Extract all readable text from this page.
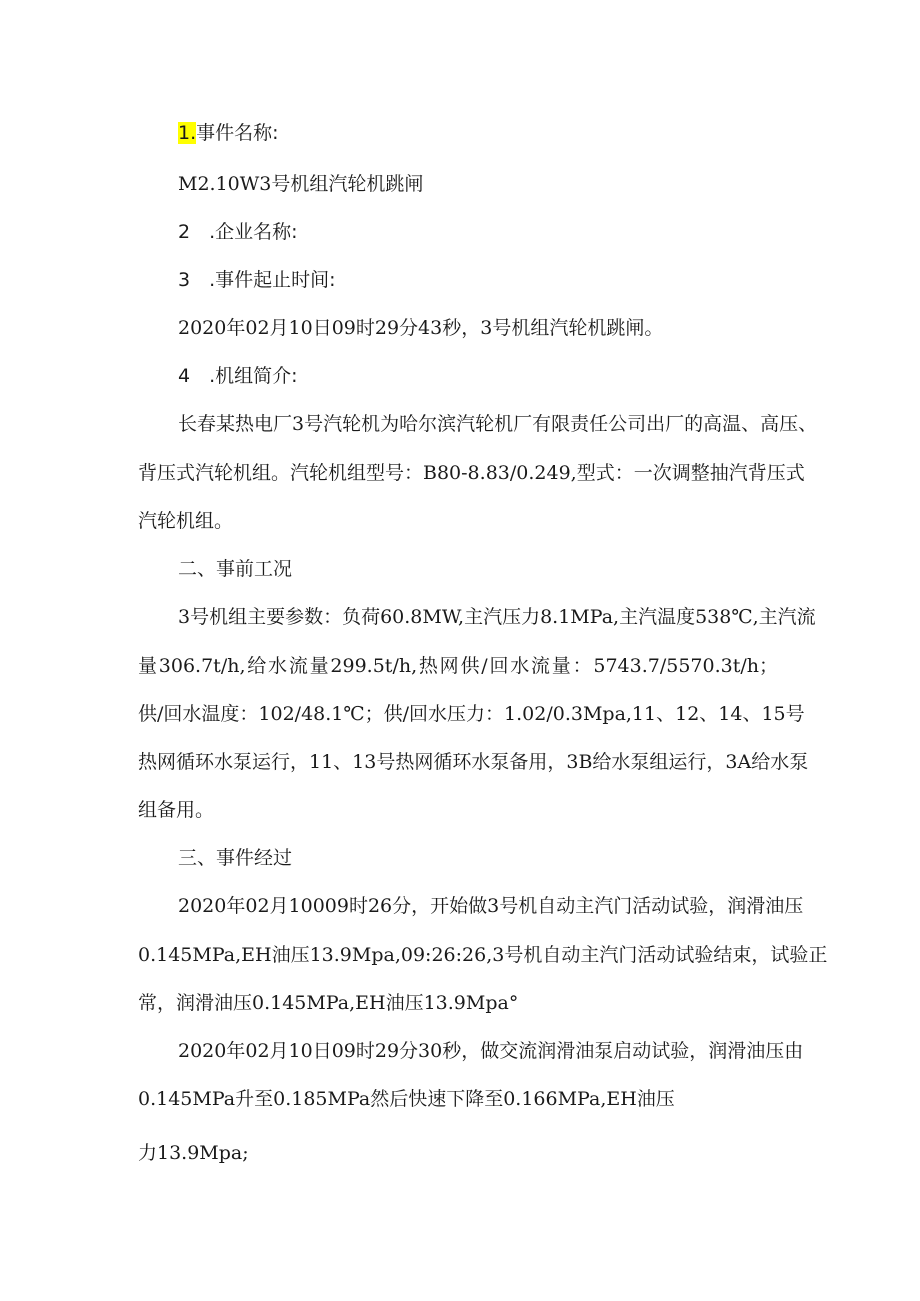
1.事件名称:
M2.10W3号机组汽轮机跳闸
2　.企业名称:
3　.事件起止时间:
2020年02月10日09时29分43秒，3号机组汽轮机跳闸。
4　.机组简介:
长春某热电厂3号汽轮机为哈尔滨汽轮机厂有限责任公司出厂的高温、高压、
背压式汽轮机组。汽轮机组型号：B80-8.83/0.249,型式：一次调整抽汽背压式
汽轮机组。
二、事前工况
3号机组主要参数：负荷60.8MW,主汽压力8.1MPa,主汽温度538℃,主汽流
量306.7t/h,给水流量299.5t/h,热网供/回水流量：5743.7/5570.3t/h；
供/回水温度：102/48.1℃；供/回水压力：1.02/0.3Mpa,11、12、14、15号
热网循环水泵运行，11、13号热网循环水泵备用，3B给水泵组运行，3A给水泵
组备用。
三、事件经过
2020年02月10009时26分，开始做3号机自动主汽门活动试验，润滑油压
0.145MPa,EH油压13.9Mpa,09:26:26,3号机自动主汽门活动试验结束，试验正
常，润滑油压0.145MPa,EH油压13.9Mpa°
2020年02月10日09时29分30秒，做交流润滑油泵启动试验，润滑油压由
0.145MPa升至0.185MPa然后快速下降至0.166MPa,EH油压
力13.9Mpa;
